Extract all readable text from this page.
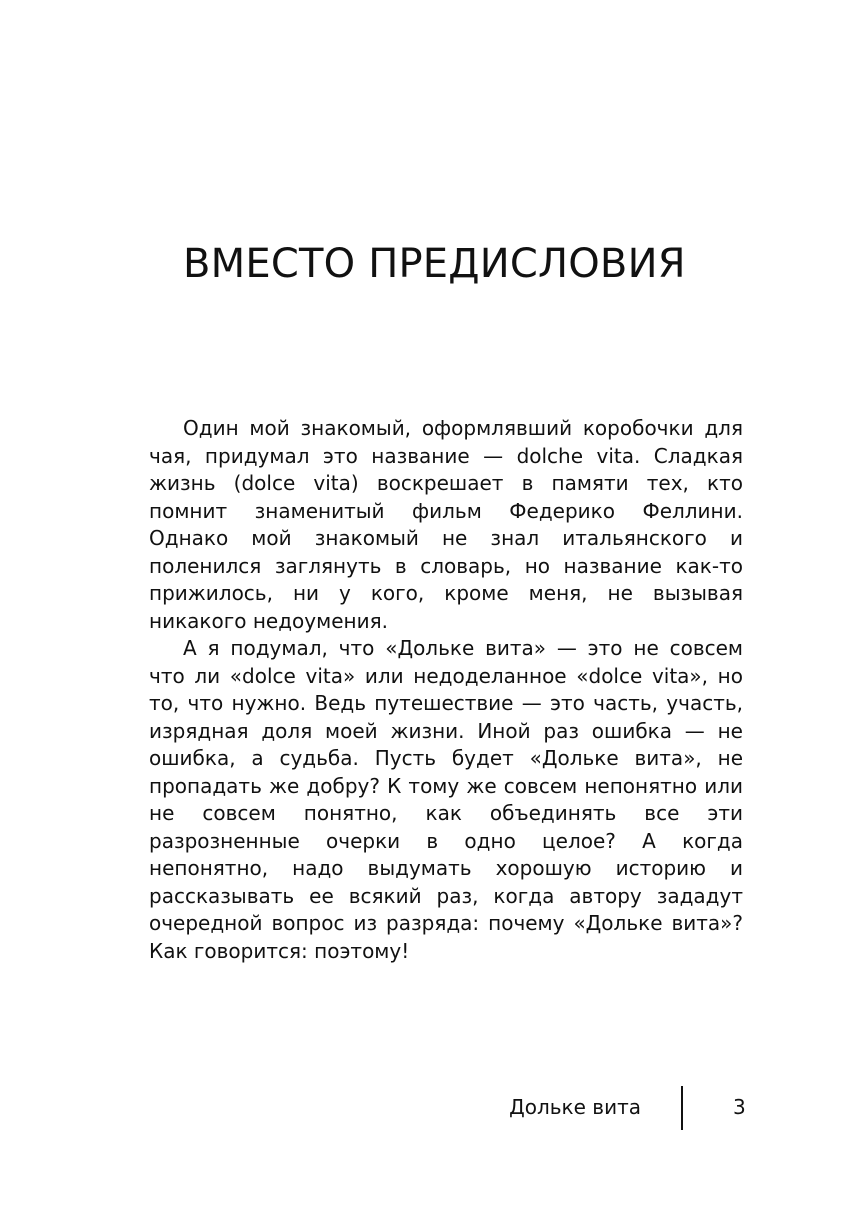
ВМЕСТО ПРЕДИСЛОВИЯ

Один мой знакомый, оформлявший коробочки для чая, придумал это название — dolche vita. Сладкая жизнь (dolce vita) воскрешает в памяти тех, кто помнит знаменитый фильм Федерико Феллини. Однако мой знакомый не знал итальянского и поленился заглянуть в словарь, но название как-то прижилось, ни у кого, кроме меня, не вызывая никакого недоумения.

А я подумал, что «Дольке вита» — это не совсем что ли «dolce vita» или недоделанное «dolce vita», но то, что нужно. Ведь путешествие — это часть, участь, изрядная доля моей жизни. Иной раз ошибка — не ошибка, а судьба. Пусть будет «Дольке вита», не пропадать же добру? К тому же совсем непонятно или не совсем понятно, как объединять все эти разрозненные очерки в одно целое? А когда непонятно, надо выдумать хорошую историю и рассказывать ее всякий раз, когда автору зададут очередной вопрос из разряда: почему «Дольке вита»? Как говорится: поэтому!

Дольке вита	3
